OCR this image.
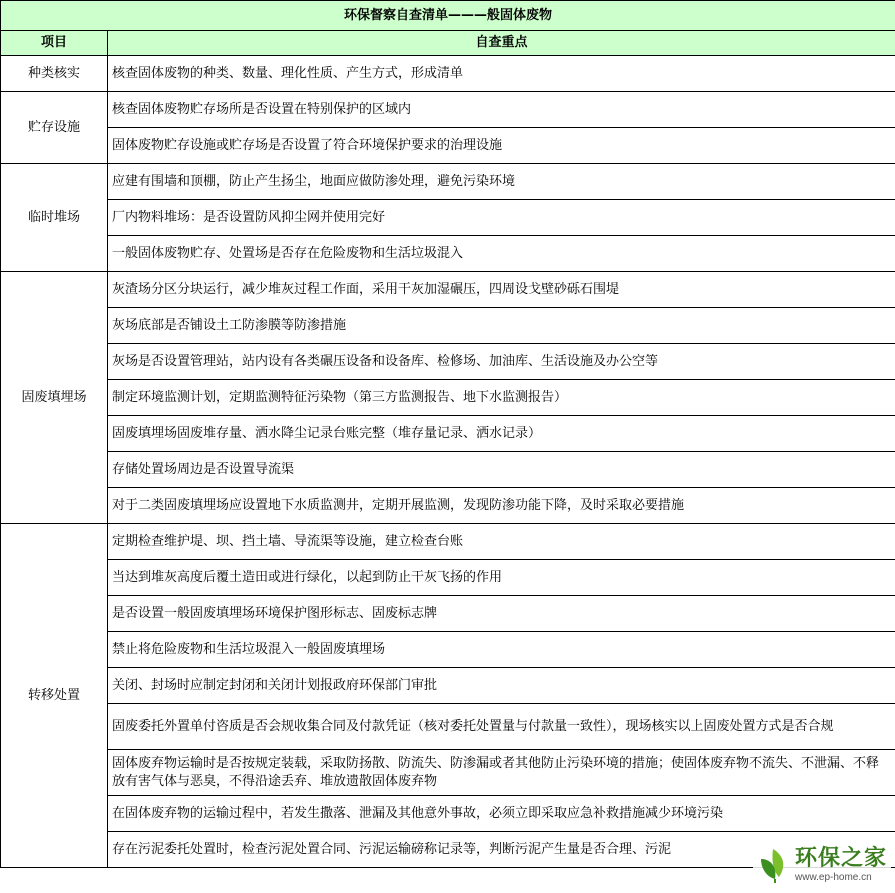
环保督察自查清单———般固体废物	
项目	自查重点
种类核实	核查固体废物的种类、数量、理化性质、产生方式，形成清单
贮存设施	核查固体废物贮存场所是否设置在特别保护的区域内
	固体废物贮存设施或贮存场是否设置了符合环境保护要求的治理设施
临时堆场	应建有围墙和顶棚，防止产生扬尘，地面应做防渗处理，避免污染环境
	厂内物料堆场：是否设置防风抑尘网并使用完好
	一般固体废物贮存、处置场是否存在危险废物和生活垃圾混入
固废填埋场	灰渣场分区分块运行，减少堆灰过程工作面，采用干灰加湿碾压，四周设戈壁砂砾石围堤
	灰场底部是否铺设土工防渗膜等防渗措施
	灰场是否设置管理站，站内设有各类碾压设备和设备库、检修场、加油库、生活设施及办公空等
	制定环境监测计划，定期监测特征污染物（第三方监测报告、地下水监测报告）
	固废填埋场固废堆存量、洒水降尘记录台账完整（堆存量记录、洒水记录）
	存储处置场周边是否设置导流渠
	对于二类固废填埋场应设置地下水质监测井，定期开展监测，发现防渗功能下降，及时采取必要措施
转移处置	定期检查维护堤、坝、挡土墙、导流渠等设施，建立检查台账
	当达到堆灰高度后覆土造田或进行绿化，以起到防止干灰飞扬的作用
	是否设置一般固废填埋场环境保护图形标志、固废标志牌
	禁止将危险废物和生活垃圾混入一般固废填埋场
	关闭、封场时应制定封闭和关闭计划报政府环保部门审批
	固废委托外置单付咨质是否会规收集合同及付款凭证（核对委托处置量与付款量一致性），现场核实以上固废处置方式是否合规
	固体废弃物运输时是否按规定装载，采取防扬散、防流失、防渗漏或者其他防止污染环境的措施；使固体废弃物不流失、不泄漏、不释放有害气体与恶臭，不得沿途丢弃、堆放遗散固体废弃物
	在固体废弃物的运输过程中，若发生撒落、泄漏及其他意外事故，必须立即采取应急补救措施减少环境污染
	存在污泥委托处置时，检查污泥处置合同、污泥运输磅称记录等，判断污泥产生量是否合理、污泥	环保之家
www.ep-home.cn
